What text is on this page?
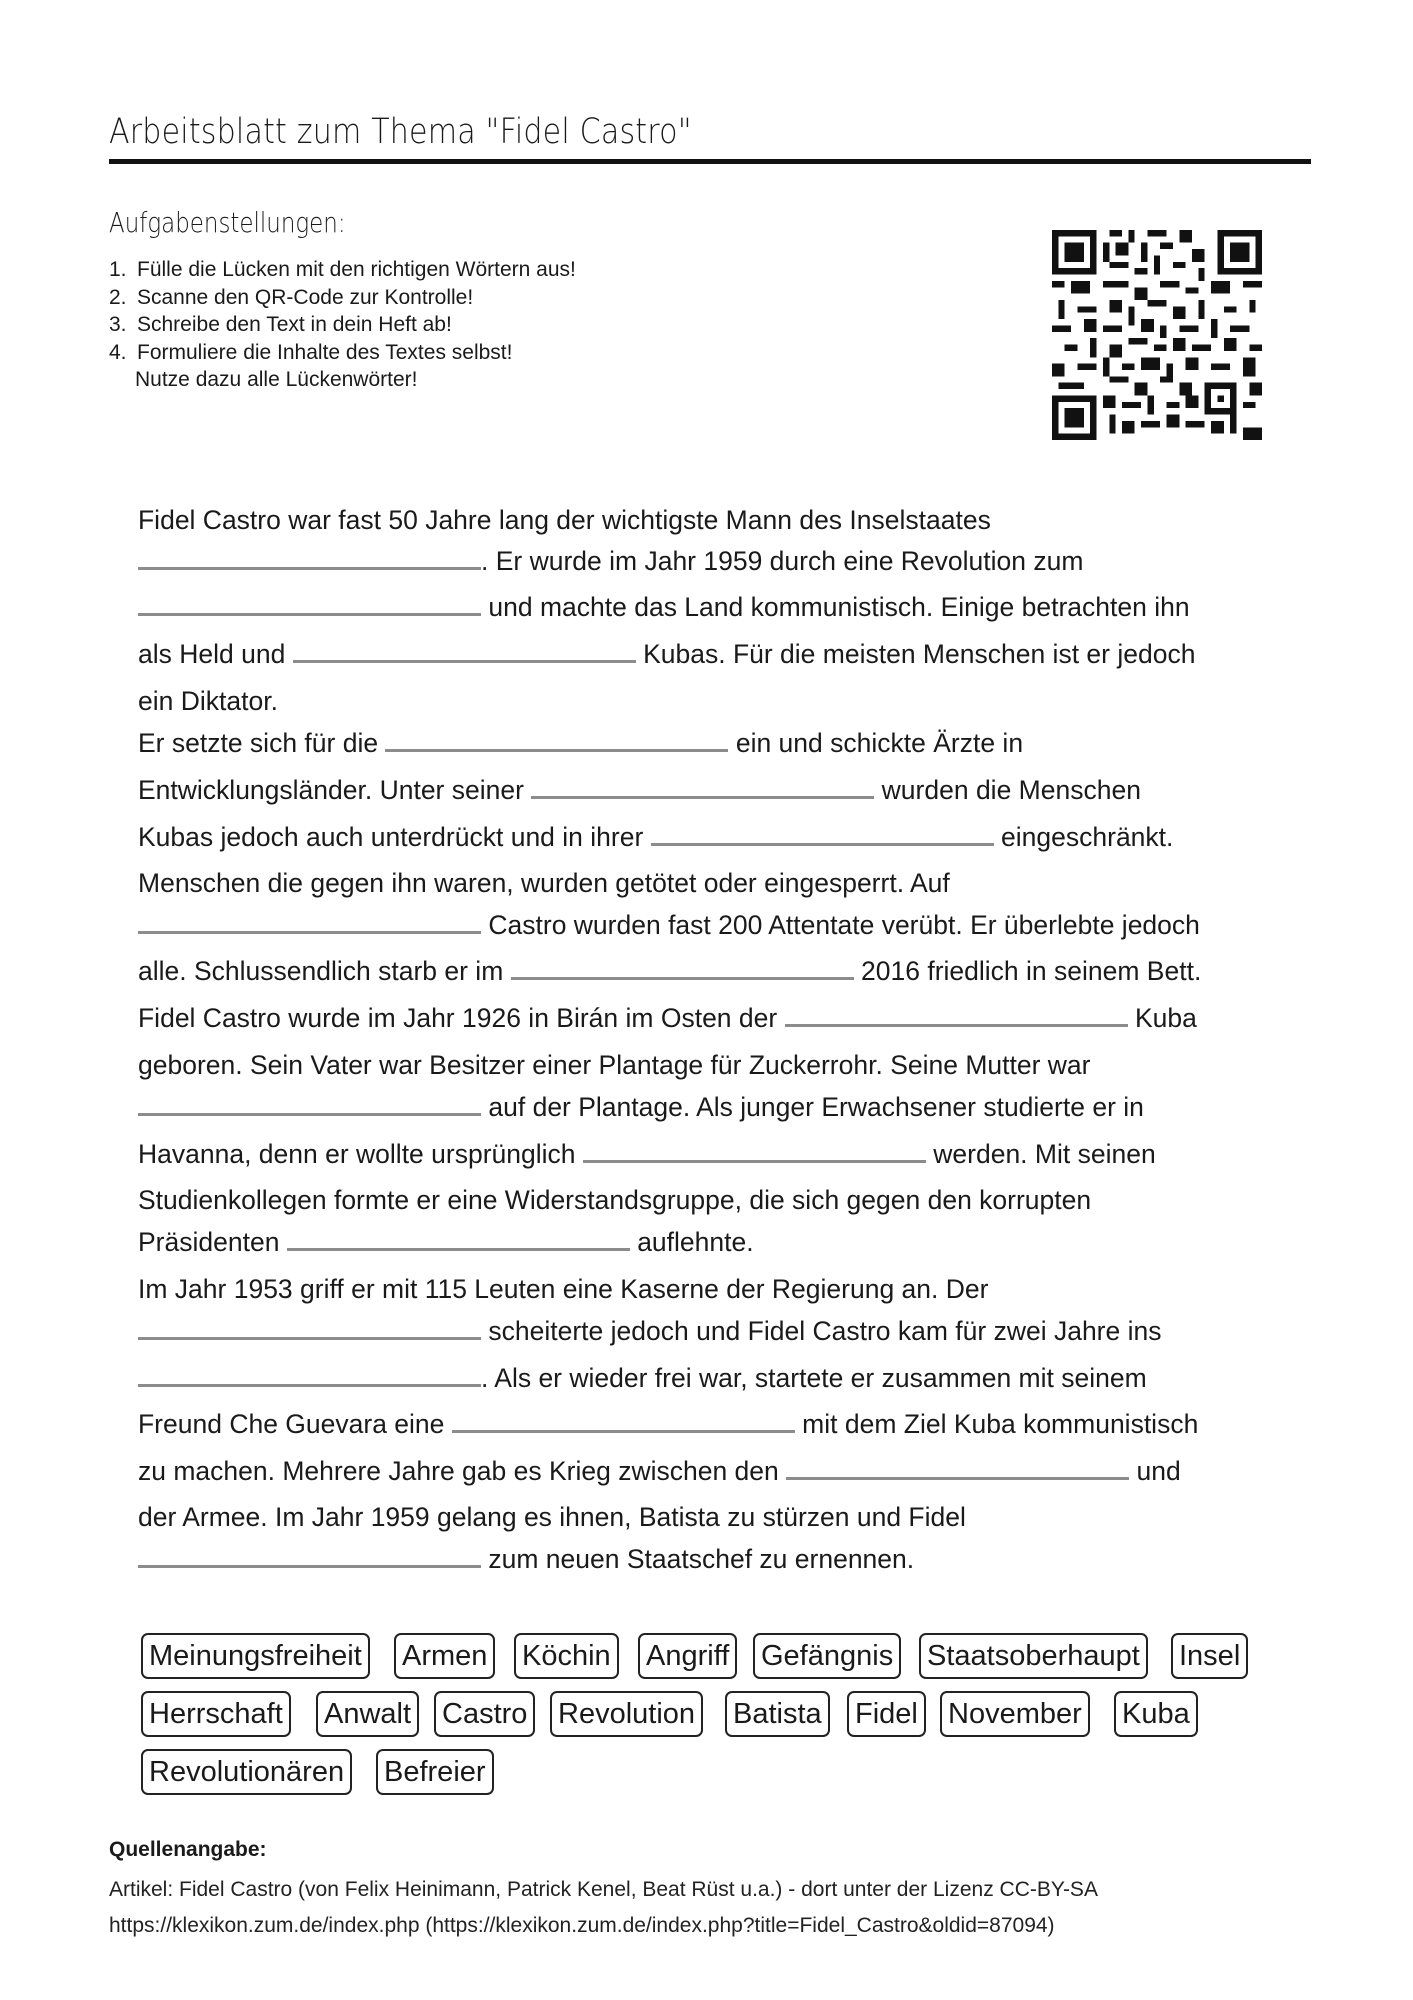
Arbeitsblatt zum Thema "Fidel Castro"
Aufgabenstellungen:
1. Fülle die Lücken mit den richtigen Wörtern aus!
2. Scanne den QR-Code zur Kontrolle!
3. Schreibe den Text in dein Heft ab!
4. Formuliere die Inhalte des Textes selbst!
Nutze dazu alle Lückenwörter!
Fidel Castro war fast 50 Jahre lang der wichtigste Mann des Inselstaates
. Er wurde im Jahr 1959 durch eine Revolution zum
und machte das Land kommunistisch. Einige betrachten ihn
als Held und	Kubas. Für die meisten Menschen ist er jedoch
ein Diktator.
Er setzte sich für die	ein und schickte Ärzte in
Entwicklungsländer. Unter seiner	wurden die Menschen
Kubas jedoch auch unterdrückt und in ihrer	eingeschränkt.
Menschen die gegen ihn waren, wurden getötet oder eingesperrt. Auf
Castro wurden fast 200 Attentate verübt. Er überlebte jedoch
alle. Schlussendlich starb er im	2016 friedlich in seinem Bett.
Fidel Castro wurde im Jahr 1926 in Birán im Osten der	Kuba
geboren. Sein Vater war Besitzer einer Plantage für Zuckerrohr. Seine Mutter war
auf der Plantage. Als junger Erwachsener studierte er in
Havanna, denn er wollte ursprünglich	werden. Mit seinen
Studienkollegen formte er eine Widerstandsgruppe, die sich gegen den korrupten
Präsidenten	auflehnte.
Im Jahr 1953 griff er mit 115 Leuten eine Kaserne der Regierung an. Der
scheiterte jedoch und Fidel Castro kam für zwei Jahre ins
. Als er wieder frei war, startete er zusammen mit seinem
Freund Che Guevara eine	mit dem Ziel Kuba kommunistisch
zu machen. Mehrere Jahre gab es Krieg zwischen den	und
der Armee. Im Jahr 1959 gelang es ihnen, Batista zu stürzen und Fidel
zum neuen Staatschef zu ernennen.
Meinungsfreiheit Armen Köchin Angriff Gefängnis Staatsoberhaupt Insel
Herrschaft Anwalt Castro Revolution Batista Fidel November Kuba
Revolutionären Befreier
Quellenangabe:
Artikel: Fidel Castro (von Felix Heinimann, Patrick Kenel, Beat Rüst u.a.) - dort unter der Lizenz CC-BY-SA
https://klexikon.zum.de/index.php (https://klexikon.zum.de/index.php?title=Fidel_Castro&oldid=87094)
